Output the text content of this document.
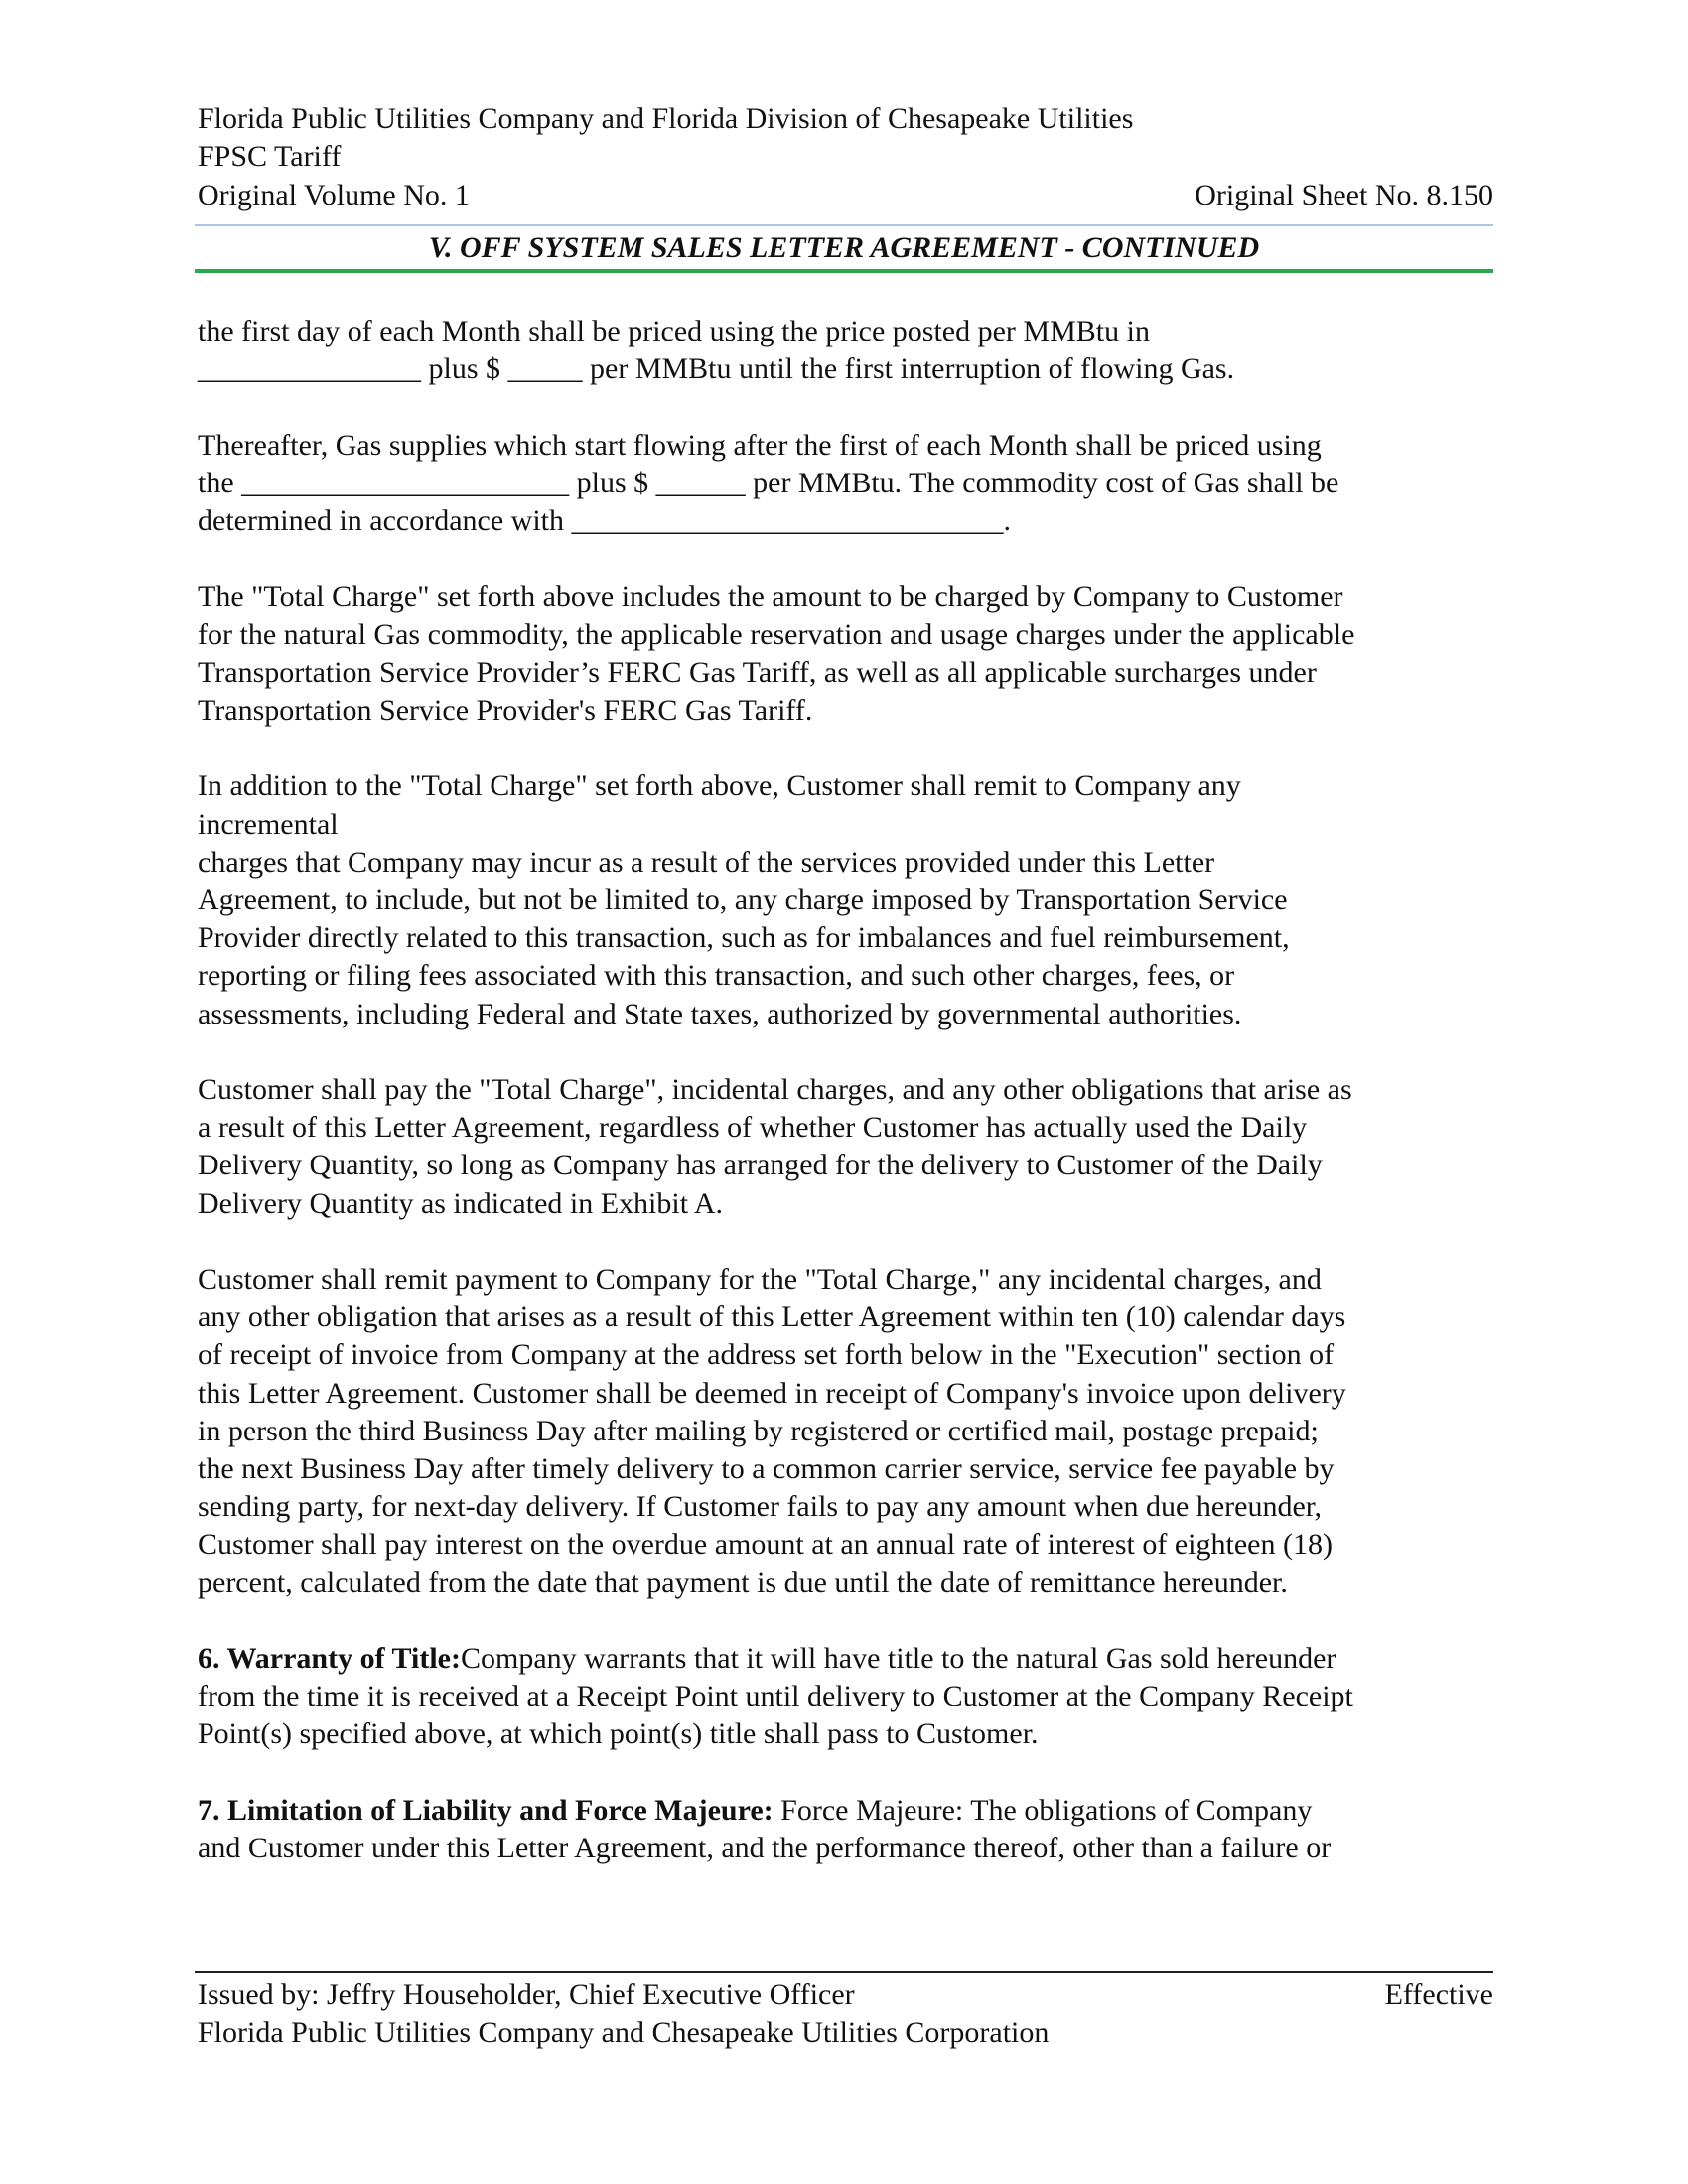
Florida Public Utilities Company and Florida Division of Chesapeake Utilities
FPSC Tariff
Original Volume No. 1	Original Sheet No. 8.150
V. OFF SYSTEM SALES LETTER AGREEMENT - CONTINUED

the first day of each Month shall be priced using the price posted per MMBtu in
_______________ plus $ _____ per MMBtu until the first interruption of flowing Gas.

Thereafter, Gas supplies which start flowing after the first of each Month shall be priced using
the ______________________ plus $ ______ per MMBtu. The commodity cost of Gas shall be
determined in accordance with _____________________________.

The "Total Charge" set forth above includes the amount to be charged by Company to Customer
for the natural Gas commodity, the applicable reservation and usage charges under the applicable
Transportation Service Provider’s FERC Gas Tariff, as well as all applicable surcharges under
Transportation Service Provider's FERC Gas Tariff.

In addition to the "Total Charge" set forth above, Customer shall remit to Company any
incremental
charges that Company may incur as a result of the services provided under this Letter
Agreement, to include, but not be limited to, any charge imposed by Transportation Service
Provider directly related to this transaction, such as for imbalances and fuel reimbursement,
reporting or filing fees associated with this transaction, and such other charges, fees, or
assessments, including Federal and State taxes, authorized by governmental authorities.

Customer shall pay the "Total Charge", incidental charges, and any other obligations that arise as
a result of this Letter Agreement, regardless of whether Customer has actually used the Daily
Delivery Quantity, so long as Company has arranged for the delivery to Customer of the Daily
Delivery Quantity as indicated in Exhibit A.

Customer shall remit payment to Company for the "Total Charge," any incidental charges, and
any other obligation that arises as a result of this Letter Agreement within ten (10) calendar days
of receipt of invoice from Company at the address set forth below in the "Execution" section of
this Letter Agreement. Customer shall be deemed in receipt of Company's invoice upon delivery
in person the third Business Day after mailing by registered or certified mail, postage prepaid;
the next Business Day after timely delivery to a common carrier service, service fee payable by
sending party, for next-day delivery. If Customer fails to pay any amount when due hereunder,
Customer shall pay interest on the overdue amount at an annual rate of interest of eighteen (18)
percent, calculated from the date that payment is due until the date of remittance hereunder.

6. Warranty of Title:Company warrants that it will have title to the natural Gas sold hereunder
from the time it is received at a Receipt Point until delivery to Customer at the Company Receipt
Point(s) specified above, at which point(s) title shall pass to Customer.

7. Limitation of Liability and Force Majeure: Force Majeure: The obligations of Company
and Customer under this Letter Agreement, and the performance thereof, other than a failure or

Issued by: Jeffry Householder, Chief Executive Officer
Florida Public Utilities Company and Chesapeake Utilities Corporation
Effective
